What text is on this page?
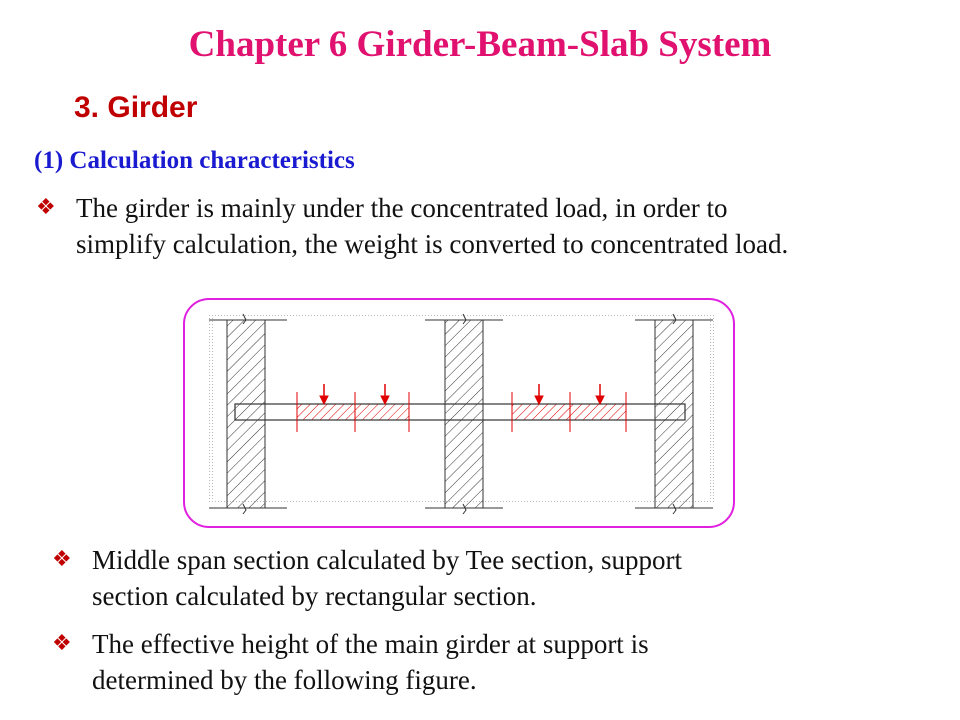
Chapter 6 Girder-Beam-Slab System
3. Girder
(1) Calculation characteristics
❖ The girder is mainly under the concentrated load, in order to
simplify calculation, the weight is converted to concentrated load.
❖ Middle span section calculated by Tee section, support
section calculated by rectangular section.
❖ The effective height of the main girder at support is
determined by the following figure.
